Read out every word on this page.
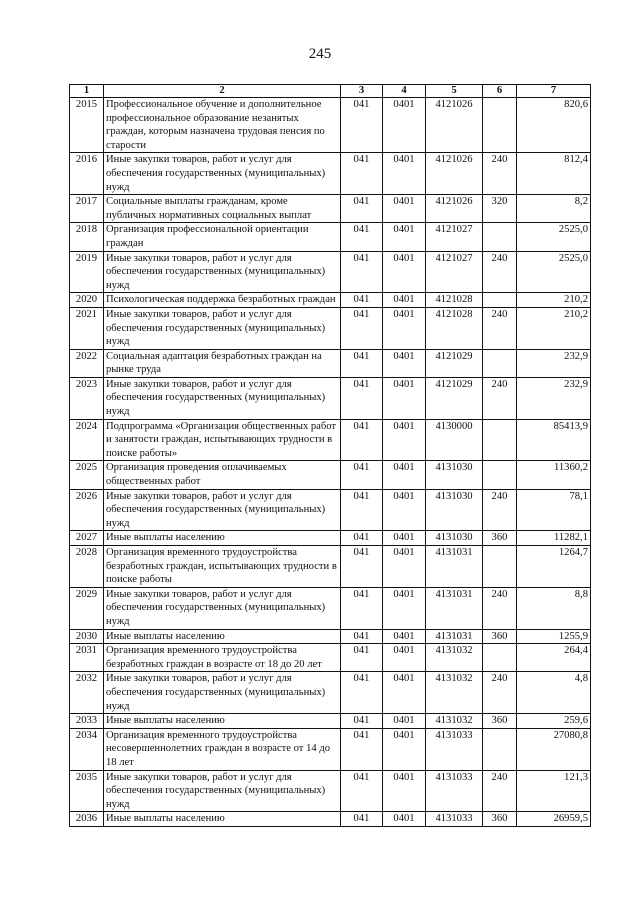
245
1	2	3	4	5	6	7
2015	Профессиональное обучение и дополнительное профессиональное образование незанятых граждан, которым назначена трудовая пенсия по старости	041	0401	4121026		820,6
2016	Иные закупки товаров, работ и услуг для обеспечения государственных (муниципальных) нужд	041	0401	4121026	240	812,4
2017	Социальные выплаты гражданам, кроме публичных нормативных социальных выплат	041	0401	4121026	320	8,2
2018	Организация профессиональной ориентации граждан	041	0401	4121027		2525,0
2019	Иные закупки товаров, работ и услуг для обеспечения государственных (муниципальных) нужд	041	0401	4121027	240	2525,0
2020	Психологическая поддержка безработных граждан	041	0401	4121028		210,2
2021	Иные закупки товаров, работ и услуг для обеспечения государственных (муниципальных) нужд	041	0401	4121028	240	210,2
2022	Социальная адаптация безработных граждан на рынке труда	041	0401	4121029		232,9
2023	Иные закупки товаров, работ и услуг для обеспечения государственных (муниципальных) нужд	041	0401	4121029	240	232,9
2024	Подпрограмма «Организация общественных работ и занятости граждан, испытывающих трудности в поиске работы»	041	0401	4130000		85413,9
2025	Организация проведения оплачиваемых общественных работ	041	0401	4131030		11360,2
2026	Иные закупки товаров, работ и услуг для обеспечения государственных (муниципальных) нужд	041	0401	4131030	240	78,1
2027	Иные выплаты населению	041	0401	4131030	360	11282,1
2028	Организация временного трудоустройства безработных граждан, испытывающих трудности в поиске работы	041	0401	4131031		1264,7
2029	Иные закупки товаров, работ и услуг для обеспечения государственных (муниципальных) нужд	041	0401	4131031	240	8,8
2030	Иные выплаты населению	041	0401	4131031	360	1255,9
2031	Организация временного трудоустройства безработных граждан в возрасте от 18 до 20 лет	041	0401	4131032		264,4
2032	Иные закупки товаров, работ и услуг для обеспечения государственных (муниципальных) нужд	041	0401	4131032	240	4,8
2033	Иные выплаты населению	041	0401	4131032	360	259,6
2034	Организация временного трудоустройства несовершеннолетних граждан в возрасте от 14 до 18 лет	041	0401	4131033		27080,8
2035	Иные закупки товаров, работ и услуг для обеспечения государственных (муниципальных) нужд	041	0401	4131033	240	121,3
2036	Иные выплаты населению	041	0401	4131033	360	26959,5
